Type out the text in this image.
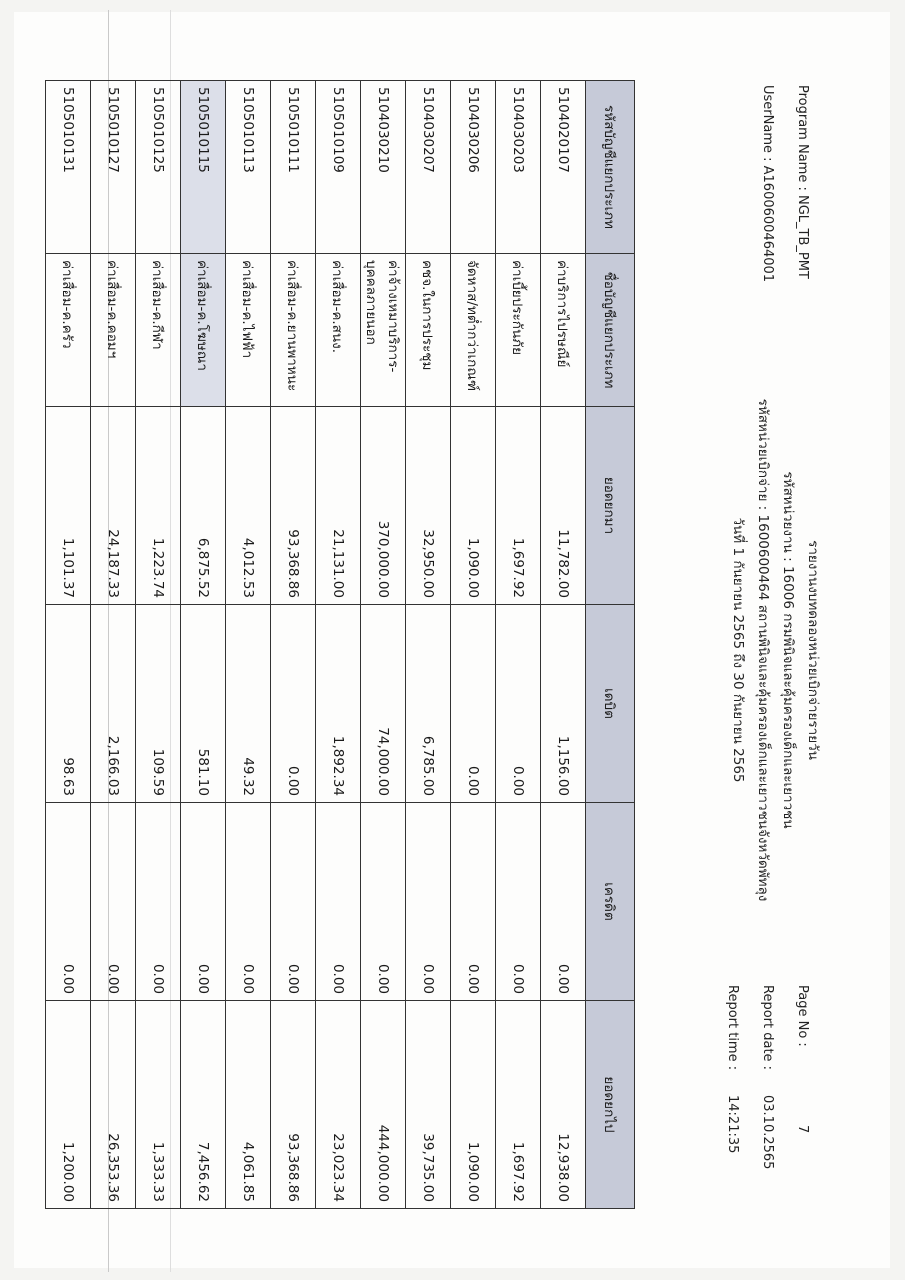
รายงานงบทดลองหน่วยเบิกจ่ายรายวัน
รหัสหน่วยงาน : 16006 กรมพินิจและคุ้มครองเด็กและเยาวชน
รหัสหน่วยเบิกจ่าย : 1600600464 สถานพินิจและคุ้มครองเด็กและเยาวชนจังหวัดพัทลุง
วันที่ 1 กันยายน 2565 ถึง 30 กันยายน 2565
Program Name : NGL_TB_PMT
UserName : A1600600464001
Page No :
7
Report date :
03.10.2565
Report time :
14:21:35
รหัสบัญชีแยกประเภท	ชื่อบัญชีแยกประเภท	ยอดยกมา	เดบิต	เครดิต	ยอดยกไป
5104020107	ค่าบริการไปรษณีย์	11,782.00	1,156.00	0.00	12,938.00
5104030203	ค่าเบี้ยประกันภัย	1,697.92	0.00	0.00	1,697.92
5104030206	จัดหาส/ทต่ำกว่าเกณฑ์	1,090.00	0.00	0.00	1,090.00
5104030207	คชจ.ในการประชุม	32,950.00	6,785.00	0.00	39,735.00
5104030210	ค่าจ้างเหมาบริการ- บุคคลภายนอก	370,000.00	74,000.00	0.00	444,000.00
5105010109	ค่าเสื่อม-ค.สนง.	21,131.00	1,892.34	0.00	23,023.34
5105010111	ค่าเสื่อม-ค.ยานพาหนะ	93,368.86	0.00	0.00	93,368.86
5105010113	ค่าเสื่อม-ค.ไฟฟ้า	4,012.53	49.32	0.00	4,061.85
5105010115	ค่าเสื่อม-ค.โฆษณา	6,875.52	581.10	0.00	7,456.62
5105010125	ค่าเสื่อม-ค.กีฬา	1,223.74	109.59	0.00	1,333.33
5105010127	ค่าเสื่อม-ค.คอมฯ	24,187.33	2,166.03	0.00	26,353.36
5105010131	ค่าเสื่อม-ค.ครัว	1,101.37	98.63	0.00	1,200.00
